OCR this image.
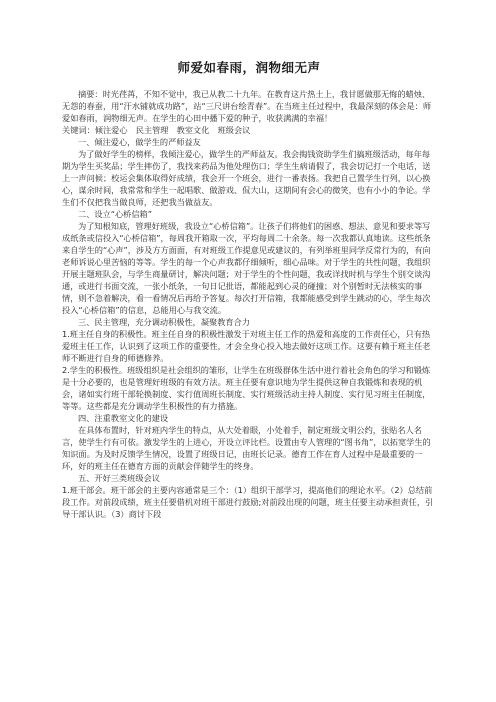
师爱如春雨，润物细无声

摘要：时光荏苒，不知不觉中，我已从教二十九年。在教育这片热土上，我甘愿做那无悔的蜡烛、无怨的春蚕，用“汗水铺就成功路”，站“三尺讲台绘青春”。在当班主任过程中，我最深刻的体会是：师爱如春雨，润物细无声。在学生的心田中播下爱的种子，收获满满的幸福！

关键词：倾注爱心　民主管理　教室文化　班级会议

一、倾注爱心，做学生的严师益友

为了做好学生的榜样，我倾注爱心，做学生的严师益友。我会掏钱资助学生们搞班级活动，每年每期为学生买奖品；学生摔伤了，我找来药品为他处理伤口；学生生病请假了，我会切记打一个电话，送上一声问候；校运会集体取得好成绩，我会开一个班会，进行一番表扬。我把自己置学生行列，以心换心，谋余时间，我常常和学生一起唱歌、做游戏、侃大山，这期间有会心的微笑，也有小小的争论。学生们不仅把我当做良师，还把我当做益友。

二、设立“心桥信箱”

为了知根知底，管理好班级，我设立“心桥信箱”。让孩子们将他们的困惑、想法、意见和要求等写成纸条或信投入“心桥信箱”，每周我开箱取一次，平均每周二十余条。每一次我都认真地读。这些纸条来自学生的“心声”，涉及方方面面，有对班级工作提意见或建议的，有列举班里同学反常行为的，有向老师诉说心里苦恼的等等。学生的每一个心声我都仔细倾听，细心品味。对于学生的共性问题，我组织开展主题班队会，与学生商量研讨，解决问题；对于学生的个性问题，我或详找时机与学生个别交谈沟通，或进行书面交流，一张小纸条，一句日记批语，都能起到心灵的碰撞；对个别暂时无法核实的事情，则不急着解决，看一看情况后再给予答复。每次打开信箱，我都能感受到学生跳动的心，学生每次投入“心桥信箱”的信息，总能用心与我交流。

三、民主管理，充分调动积极性，凝聚教育合力

1.班主任自身的积极性。班主任自身的积极性激发于对班主任工作的热爱和高度的工作责任心，只有热爱班主任工作，认识到了这项工作的重要性，才会全身心投入地去做好这项工作。这要有赖于班主任老师不断进行自身的师德修养。

2.学生的积极性。班级组织是社会组织的雏形，让学生在班级群体生活中进行着社会角色的学习和锻炼是十分必要的，也是管理好班级的有效方法。班主任要有意识地为学生提供这种自我锻炼和表现的机会，诸如实行班干部轮换制度、实行值周班长制度、实行班级活动主持人制度、实行见习班主任制度，等等。这些都是充分调动学生积极性的有力措施。

四、注重教室文化的建设

在具体布置时，针对班内学生的特点，从大处着眼，小处着手，制定班级文明公约，张贴名人名言，使学生行有可依。激发学生的上进心，开设立评比栏。设置由专人管理的“图书角”，以拓宽学生的知识面。为及时反馈学生情况，设置了班级日记，由班长记录。德育工作在育人过程中是最重要的一环，好的班主任在德育方面的贡献会伴随学生的终身。

五、开好三类班级会议

1.班干部会。班干部会的主要内容通常是三个：（1）组织干部学习，提高他们的理论水平。（2）总结前段工作。对前段成绩，班主任要借机对班干部进行鼓励;对前段出现的问题，班主任要主动承担责任，引导干部认识。（3）商讨下段
